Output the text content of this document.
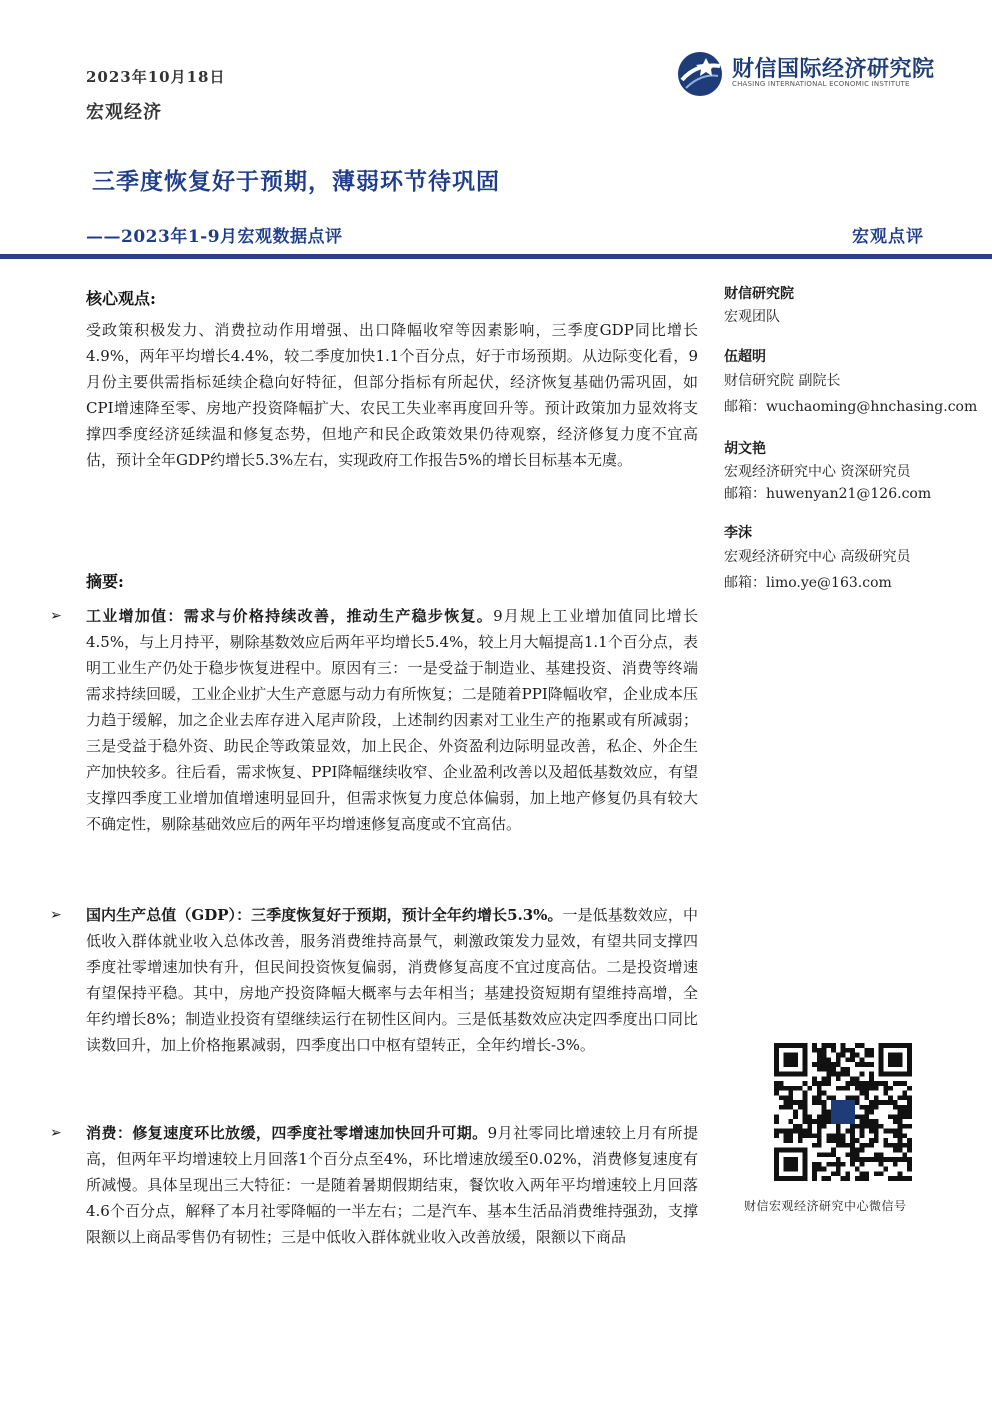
2023年10月18日
宏观经济
财信国际经济研究院
CHASING INTERNATIONAL ECONOMIC INSTITUTE
三季度恢复好于预期，薄弱环节待巩固
——2023年1-9月宏观数据点评	宏观点评
核心观点:
受政策积极发力、消费拉动作用增强、出口降幅收窄等因素影响，三季度GDP同比增长4.9%，两年平均增长4.4%，较二季度加快1.1个百分点，好于市场预期。从边际变化看，9月份主要供需指标延续企稳向好特征，但部分指标有所起伏，经济恢复基础仍需巩固，如CPI增速降至零、房地产投资降幅扩大、农民工失业率再度回升等。预计政策加力显效将支撑四季度经济延续温和修复态势，但地产和民企政策效果仍待观察，经济修复力度不宜高估，预计全年GDP约增长5.3%左右，实现政府工作报告5%的增长目标基本无虞。
摘要:
➢ 工业增加值：需求与价格持续改善，推动生产稳步恢复。9月规上工业增加值同比增长4.5%，与上月持平，剔除基数效应后两年平均增长5.4%，较上月大幅提高1.1个百分点，表明工业生产仍处于稳步恢复进程中。原因有三：一是受益于制造业、基建投资、消费等终端需求持续回暖，工业企业扩大生产意愿与动力有所恢复；二是随着PPI降幅收窄，企业成本压力趋于缓解，加之企业去库存进入尾声阶段，上述制约因素对工业生产的拖累或有所减弱；三是受益于稳外资、助民企等政策显效，加上民企、外资盈利边际明显改善，私企、外企生产加快较多。往后看，需求恢复、PPI降幅继续收窄、企业盈利改善以及超低基数效应，有望支撑四季度工业增加值增速明显回升，但需求恢复力度总体偏弱，加上地产修复仍具有较大不确定性，剔除基础效应后的两年平均增速修复高度或不宜高估。
➢ 国内生产总值（GDP）：三季度恢复好于预期，预计全年约增长5.3%。一是低基数效应，中低收入群体就业收入总体改善，服务消费维持高景气，刺激政策发力显效，有望共同支撑四季度社零增速加快有升，但民间投资恢复偏弱，消费修复高度不宜过度高估。二是投资增速有望保持平稳。其中，房地产投资降幅大概率与去年相当；基建投资短期有望维持高增，全年约增长8%；制造业投资有望继续运行在韧性区间内。三是低基数效应决定四季度出口同比读数回升，加上价格拖累减弱，四季度出口中枢有望转正，全年约增长-3%。
➢ 消费：修复速度环比放缓，四季度社零增速加快回升可期。9月社零同比增速较上月有所提高，但两年平均增速较上月回落1个百分点至4%，环比增速放缓至0.02%，消费修复速度有所减慢。具体呈现出三大特征：一是随着暑期假期结束，餐饮收入两年平均增速较上月回落4.6个百分点，解释了本月社零降幅的一半左右；二是汽车、基本生活品消费维持强劲，支撑限额以上商品零售仍有韧性；三是中低收入群体就业收入改善放缓，限额以下商品
财信研究院
宏观团队
伍超明
财信研究院 副院长
邮箱：wuchaoming@hnchasing.com
胡文艳
宏观经济研究中心 资深研究员
邮箱：huwenyan21@126.com
李沫
宏观经济研究中心 高级研究员
邮箱：limo.ye@163.com
财信宏观经济研究中心微信号
